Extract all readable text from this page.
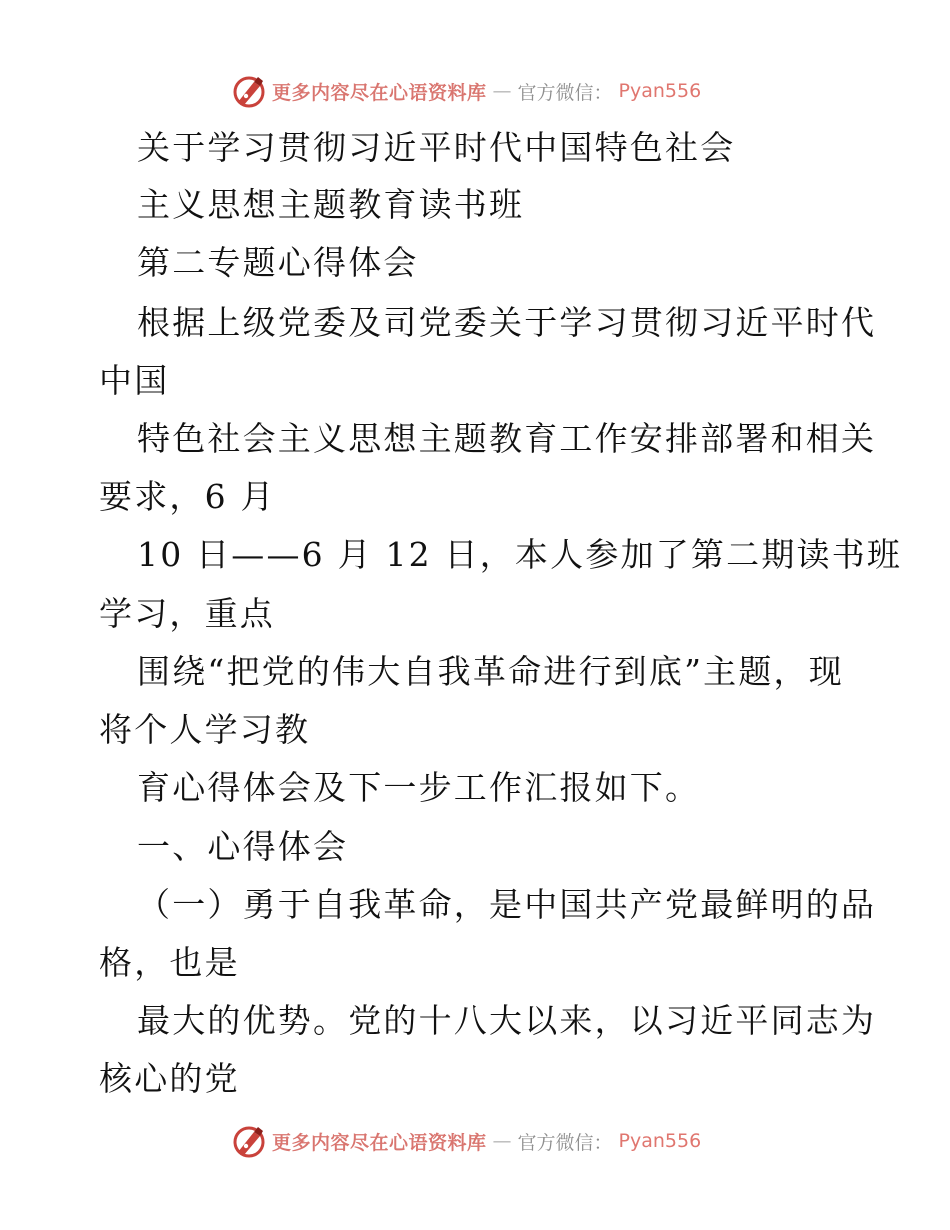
更多内容尽在心语资料库 — 官方微信： Pyan556
关于学习贯彻习近平时代中国特色社会
主义思想主题教育读书班
第二专题心得体会
根据上级党委及司党委关于学习贯彻习近平时代
中国
特色社会主义思想主题教育工作安排部署和相关
要求，6 月
10 日——6 月 12 日，本人参加了第二期读书班
学习，重点
围绕“把党的伟大自我革命进行到底”主题，现
将个人学习教
育心得体会及下一步工作汇报如下。
一、心得体会
（一）勇于自我革命，是中国共产党最鲜明的品
格，也是
最大的优势。党的十八大以来，以习近平同志为
核心的党
更多内容尽在心语资料库 — 官方微信： Pyan556
